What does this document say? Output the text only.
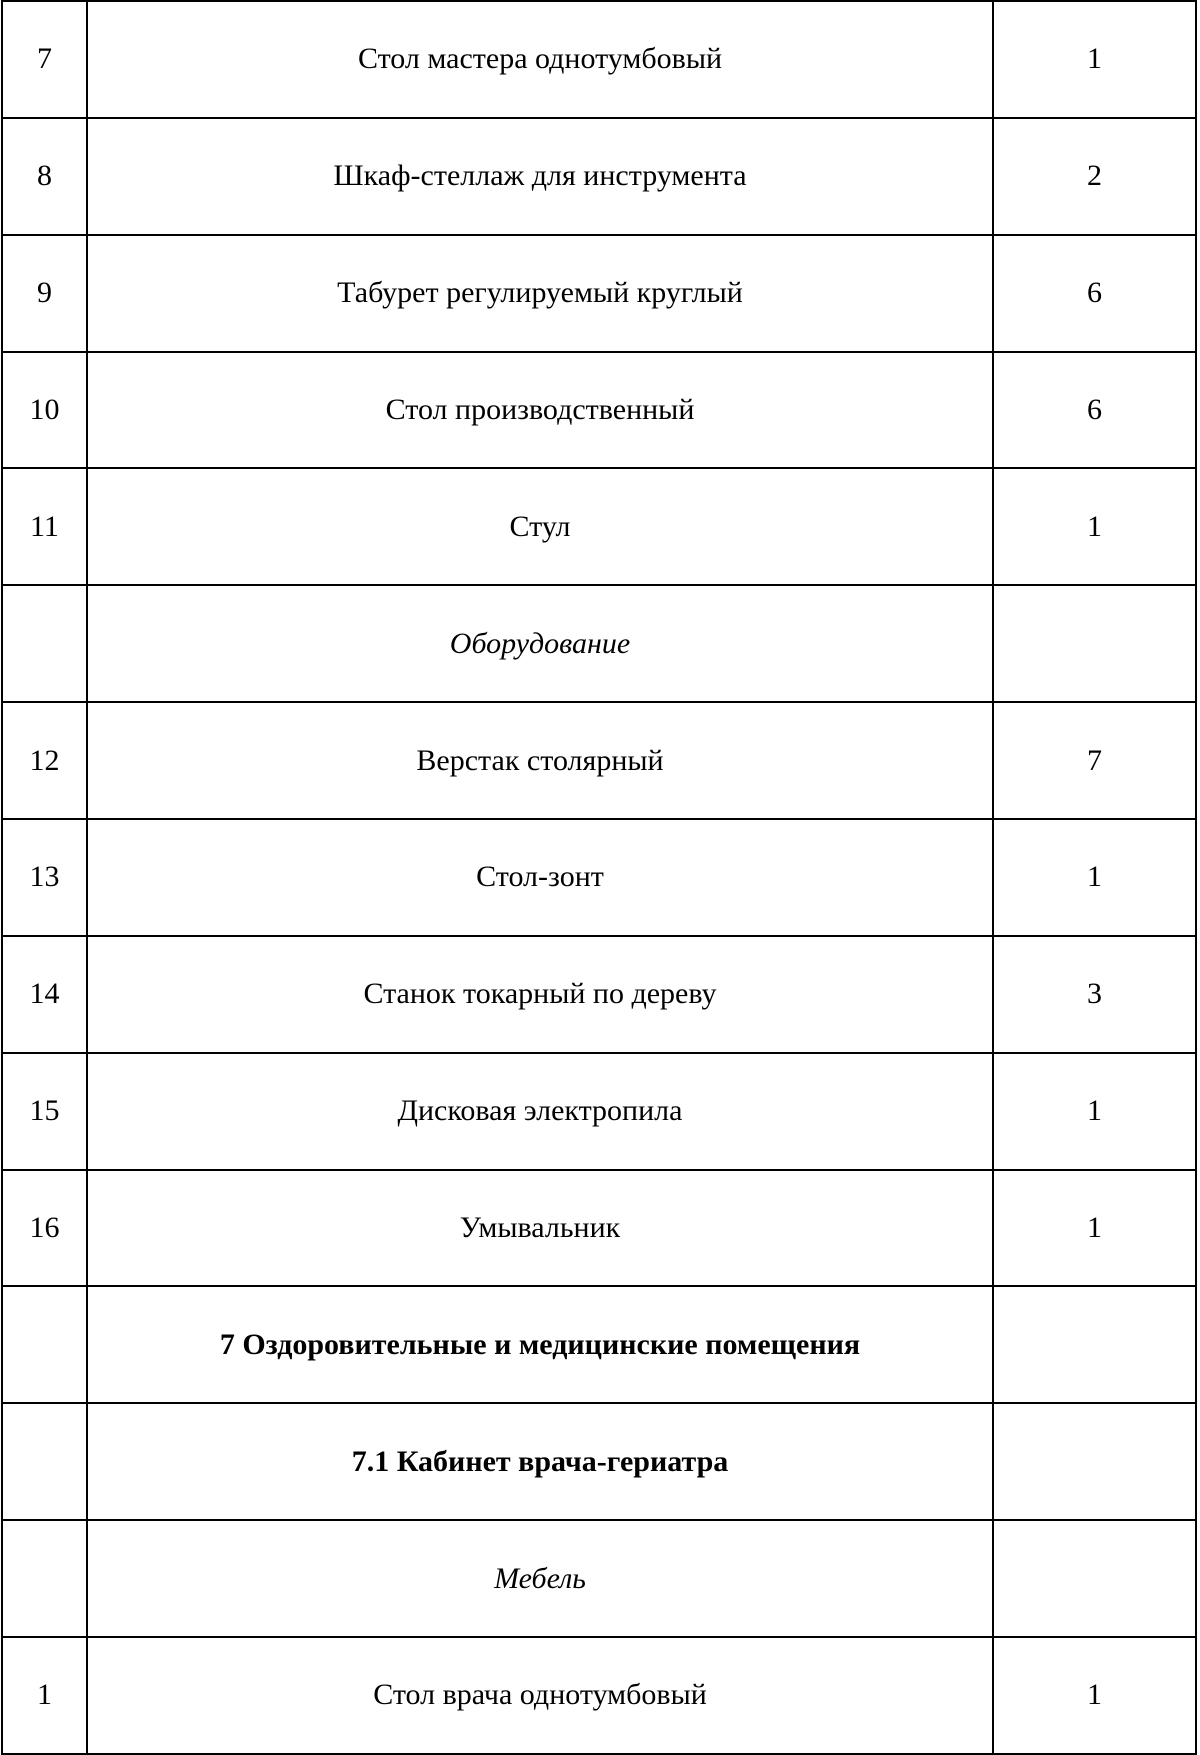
7	Стол мастера однотумбовый	1
8	Шкаф-стеллаж для инструмента	2
9	Табурет регулируемый круглый	6
10	Стол производственный	6
11	Стул	1
	Оборудование	
12	Верстак столярный	7
13	Стол-зонт	1
14	Станок токарный по дереву	3
15	Дисковая электропила	1
16	Умывальник	1
	7 Оздоровительные и медицинские помещения	
	7.1 Кабинет врача-гериатра	
	Мебель	
1	Стол врача однотумбовый	1
